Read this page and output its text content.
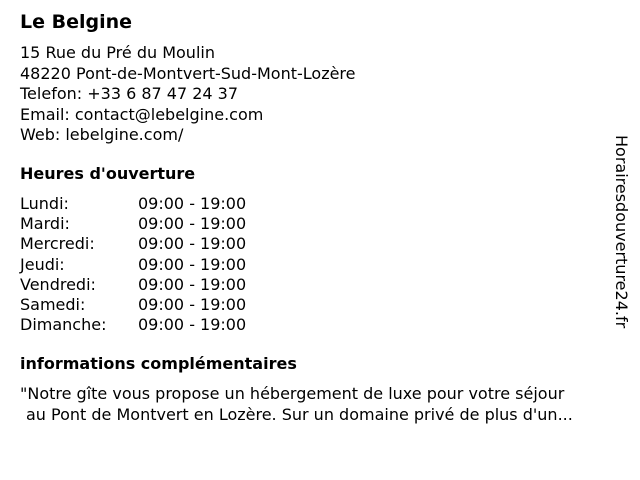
Le Belgine
15 Rue du Pré du Moulin
48220 Pont-de-Montvert-Sud-Mont-Lozère
Telefon: +33 6 87 47 24 37
Email: contact@lebelgine.com
Web: lebelgine.com/
Heures d'ouverture
Lundi:	09:00 - 19:00
Mardi:	09:00 - 19:00
Mercredi:	09:00 - 19:00
Jeudi:	09:00 - 19:00
Vendredi:	09:00 - 19:00
Samedi:	09:00 - 19:00
Dimanche:	09:00 - 19:00
informations complémentaires
"Notre gîte vous propose un hébergement de luxe pour votre séjour
au Pont de Montvert en Lozère. Sur un domaine privé de plus d'un...
Horairesdouverture24.fr
